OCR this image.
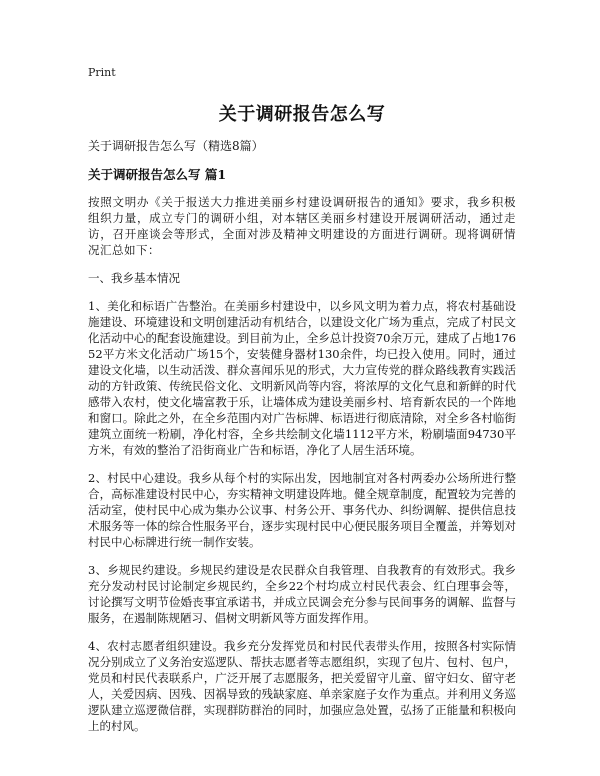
Print
关于调研报告怎么写
关于调研报告怎么写（精选8篇）
关于调研报告怎么写 篇1

按照文明办《关于报送大力推进美丽乡村建设调研报告的通知》要求，我乡积极组织力量，成立专门的调研小组，对本辖区美丽乡村建设开展调研活动，通过走访，召开座谈会等形式，全面对涉及精神文明建设的方面进行调研。现将调研情况汇总如下：

一、我乡基本情况

1、美化和标语广告整治。在美丽乡村建设中，以乡风文明为着力点，将农村基础设施建设、环境建设和文明创建活动有机结合，以建设文化广场为重点，完成了村民文化活动中心的配套设施建设。到目前为止，全乡总计投资70余万元，建成了占地17652平方米文化活动广场15个，安装健身器材130余件，均已投入使用。同时，通过建设文化墙，以生动活泼、群众喜闻乐见的形式，大力宣传党的群众路线教育实践活动的方针政策、传统民俗文化、文明新风尚等内容，将浓厚的文化气息和新鲜的时代感带入农村，使文化墙富教于乐，让墙体成为建设美丽乡村、培育新农民的一个阵地和窗口。除此之外，在全乡范围内对广告标牌、标语进行彻底清除，对全乡各村临街建筑立面统一粉刷，净化村容，全乡共绘制文化墙1112平方米，粉刷墙面94730平方米，有效的整治了沿街商业广告和标语，净化了人居生活环境。

2、村民中心建设。我乡从每个村的实际出发，因地制宜对各村两委办公场所进行整合，高标准建设村民中心，夯实精神文明建设阵地。健全规章制度，配置较为完善的活动室，使村民中心成为集办公议事、村务公开、事务代办、纠纷调解、提供信息技术服务等一体的综合性服务平台，逐步实现村民中心便民服务项目全覆盖，并筹划对村民中心标牌进行统一制作安装。

3、乡规民约建设。乡规民约建设是农民群众自我管理、自我教育的有效形式。我乡充分发动村民讨论制定乡规民约，全乡22个村均成立村民代表会、红白理事会等，讨论撰写文明节俭婚丧事宜承诺书，并成立民调会充分参与民间事务的调解、监督与服务，在遏制陈规陋习、倡树文明新风等方面发挥作用。

4、农村志愿者组织建设。我乡充分发挥党员和村民代表带头作用，按照各村实际情况分别成立了义务治安巡逻队、帮扶志愿者等志愿组织，实现了包片、包村、包户，党员和村民代表联系户，广泛开展了志愿服务，把关爱留守儿童、留守妇女、留守老人，关爱因病、因残、因祸导致的残缺家庭、单亲家庭子女作为重点。并利用义务巡逻队建立巡逻微信群，实现群防群治的同时，加强应急处置，弘扬了正能量和积极向上的村风。
